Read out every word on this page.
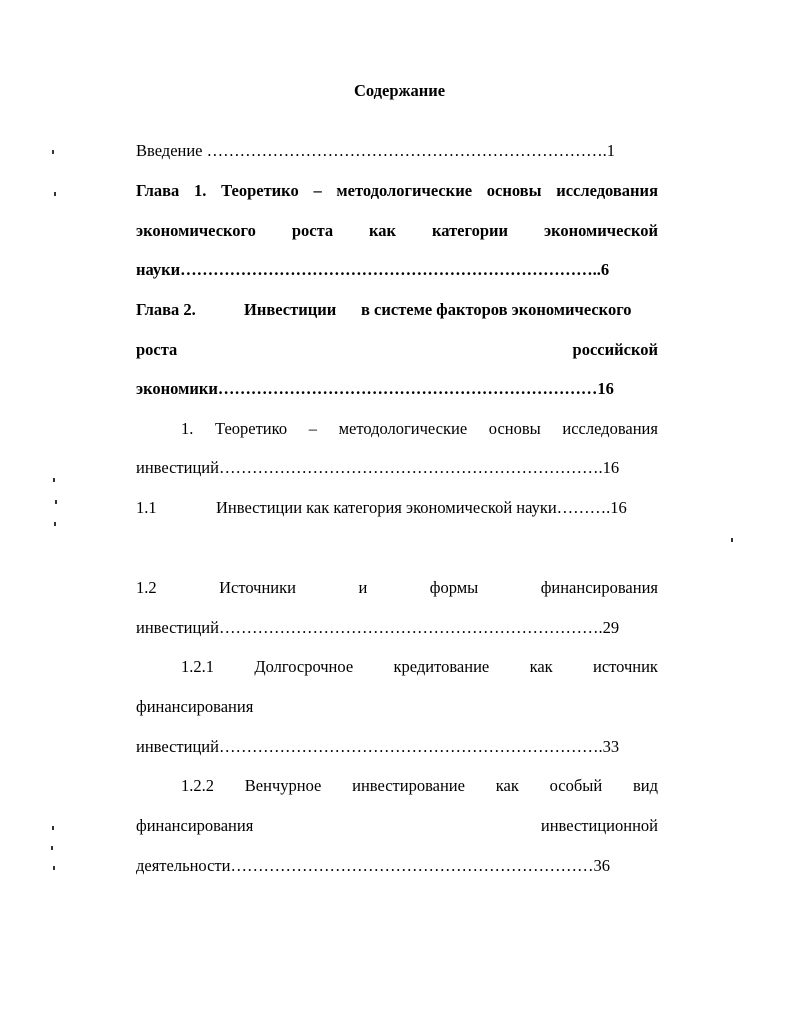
Содержание
Введение ……………………………………………………………….1
Глава 1. Теоретико – методологические основы исследования
экономического роста как категории экономической
науки…………………………………………………………………..6
Глава 2.	Инвестиции в системе факторов экономического
роста	российской
экономики……………………………………………………………16
1. Теоретико – методологические основы исследования
инвестиций…………………………………………………………….16
1.1	Инвестиции как категория экономической науки……….16
1.2	Источники	и	формы	финансирования
инвестиций…………………………………………………………….29
1.2.1 Долгосрочное кредитование как источник
финансирования
инвестиций…………………………………………………………….33
1.2.2 Венчурное инвестирование как особый вид
финансирования	инвестиционной
деятельности…………………………………………………………36
